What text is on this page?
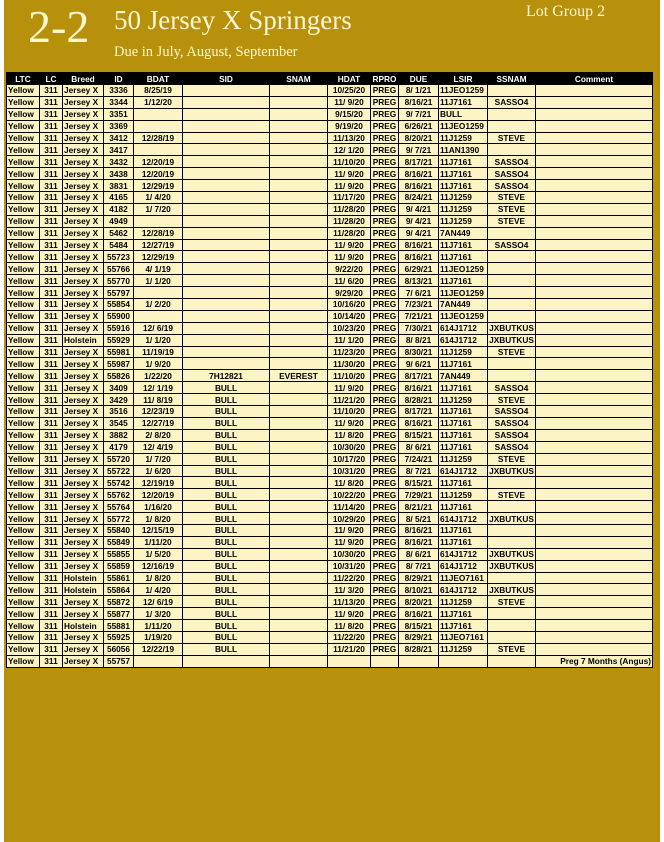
2-2 50 Jersey X Springers
Due in July, August, September
Lot Group 2
LTC	LC	Breed	ID	BDAT	SID	SNAM	HDAT	RPRO	DUE	LSIR	SSNAM	Comment
Yellow	311	Jersey X	3336	8/25/19			10/25/20	PREG	8/ 1/21	11JEO1259		
Yellow	311	Jersey X	3344	1/12/20			11/ 9/20	PREG	8/16/21	11J7161	SASSO4	
Yellow	311	Jersey X	3351				9/15/20	PREG	9/ 7/21	BULL		
Yellow	311	Jersey X	3369				9/19/20	PREG	6/26/21	11JEO1259		
Yellow	311	Jersey X	3412	12/28/19			11/13/20	PREG	8/20/21	11J1259	STEVE	
Yellow	311	Jersey X	3417				12/ 1/20	PREG	9/ 7/21	11AN1390		
Yellow	311	Jersey X	3432	12/20/19			11/10/20	PREG	8/17/21	11J7161	SASSO4	
Yellow	311	Jersey X	3438	12/20/19			11/ 9/20	PREG	8/16/21	11J7161	SASSO4	
Yellow	311	Jersey X	3831	12/29/19			11/ 9/20	PREG	8/16/21	11J7161	SASSO4	
Yellow	311	Jersey X	4165	1/ 4/20			11/17/20	PREG	8/24/21	11J1259	STEVE	
Yellow	311	Jersey X	4182	1/ 7/20			11/28/20	PREG	9/ 4/21	11J1259	STEVE	
Yellow	311	Jersey X	4949				11/28/20	PREG	9/ 4/21	11J1259	STEVE	
Yellow	311	Jersey X	5462	12/28/19			11/28/20	PREG	9/ 4/21	7AN449		
Yellow	311	Jersey X	5484	12/27/19			11/ 9/20	PREG	8/16/21	11J7161	SASSO4	
Yellow	311	Jersey X	55723	12/29/19			11/ 9/20	PREG	8/16/21	11J7161		
Yellow	311	Jersey X	55766	4/ 1/19			9/22/20	PREG	6/29/21	11JEO1259		
Yellow	311	Jersey X	55770	1/ 1/20			11/ 6/20	PREG	8/13/21	11J7161		
Yellow	311	Jersey X	55797				9/29/20	PREG	7/ 6/21	11JEO1259		
Yellow	311	Jersey X	55854	1/ 2/20			10/16/20	PREG	7/23/21	7AN449		
Yellow	311	Jersey X	55900				10/14/20	PREG	7/21/21	11JEO1259		
Yellow	311	Jersey X	55916	12/ 6/19			10/23/20	PREG	7/30/21	614J1712	JXBUTKUS	
Yellow	311	Holstein	55929	1/ 1/20			11/ 1/20	PREG	8/ 8/21	614J1712	JXBUTKUS	
Yellow	311	Jersey X	55981	11/19/19			11/23/20	PREG	8/30/21	11J1259	STEVE	
Yellow	311	Jersey X	55987	1/ 9/20			11/30/20	PREG	9/ 6/21	11J7161		
Yellow	311	Jersey X	55826	1/22/20	7H12821	EVEREST	11/10/20	PREG	8/17/21	7AN449		
Yellow	311	Jersey X	3409	12/ 1/19	BULL		11/ 9/20	PREG	8/16/21	11J7161	SASSO4	
Yellow	311	Jersey X	3429	11/ 8/19	BULL		11/21/20	PREG	8/28/21	11J1259	STEVE	
Yellow	311	Jersey X	3516	12/23/19	BULL		11/10/20	PREG	8/17/21	11J7161	SASSO4	
Yellow	311	Jersey X	3545	12/27/19	BULL		11/ 9/20	PREG	8/16/21	11J7161	SASSO4	
Yellow	311	Jersey X	3882	2/ 8/20	BULL		11/ 8/20	PREG	8/15/21	11J7161	SASSO4	
Yellow	311	Jersey X	4179	12/ 4/19	BULL		10/30/20	PREG	8/ 6/21	11J7161	SASSO4	
Yellow	311	Jersey X	55720	1/ 7/20	BULL		10/17/20	PREG	7/24/21	11J1259	STEVE	
Yellow	311	Jersey X	55722	1/ 6/20	BULL		10/31/20	PREG	8/ 7/21	614J1712	JXBUTKUS	
Yellow	311	Jersey X	55742	12/19/19	BULL		11/ 8/20	PREG	8/15/21	11J7161		
Yellow	311	Jersey X	55762	12/20/19	BULL		10/22/20	PREG	7/29/21	11J1259	STEVE	
Yellow	311	Jersey X	55764	1/16/20	BULL		11/14/20	PREG	8/21/21	11J7161		
Yellow	311	Jersey X	55772	1/ 8/20	BULL		10/29/20	PREG	8/ 5/21	614J1712	JXBUTKUS	
Yellow	311	Jersey X	55840	12/15/19	BULL		11/ 9/20	PREG	8/16/21	11J7161		
Yellow	311	Jersey X	55849	1/11/20	BULL		11/ 9/20	PREG	8/16/21	11J7161		
Yellow	311	Jersey X	55855	1/ 5/20	BULL		10/30/20	PREG	8/ 6/21	614J1712	JXBUTKUS	
Yellow	311	Jersey X	55859	12/16/19	BULL		10/31/20	PREG	8/ 7/21	614J1712	JXBUTKUS	
Yellow	311	Holstein	55861	1/ 8/20	BULL		11/22/20	PREG	8/29/21	11JEO7161		
Yellow	311	Holstein	55864	1/ 4/20	BULL		11/ 3/20	PREG	8/10/21	614J1712	JXBUTKUS	
Yellow	311	Jersey X	55872	12/ 6/19	BULL		11/13/20	PREG	8/20/21	11J1259	STEVE	
Yellow	311	Jersey X	55877	1/ 3/20	BULL		11/ 9/20	PREG	8/16/21	11J7161		
Yellow	311	Holstein	55881	1/11/20	BULL		11/ 8/20	PREG	8/15/21	11J7161		
Yellow	311	Jersey X	55925	1/19/20	BULL		11/22/20	PREG	8/29/21	11JEO7161		
Yellow	311	Jersey X	56056	12/22/19	BULL		11/21/20	PREG	8/28/21	11J1259	STEVE	
Yellow	311	Jersey X	55757									Preg 7 Months (Angus)
